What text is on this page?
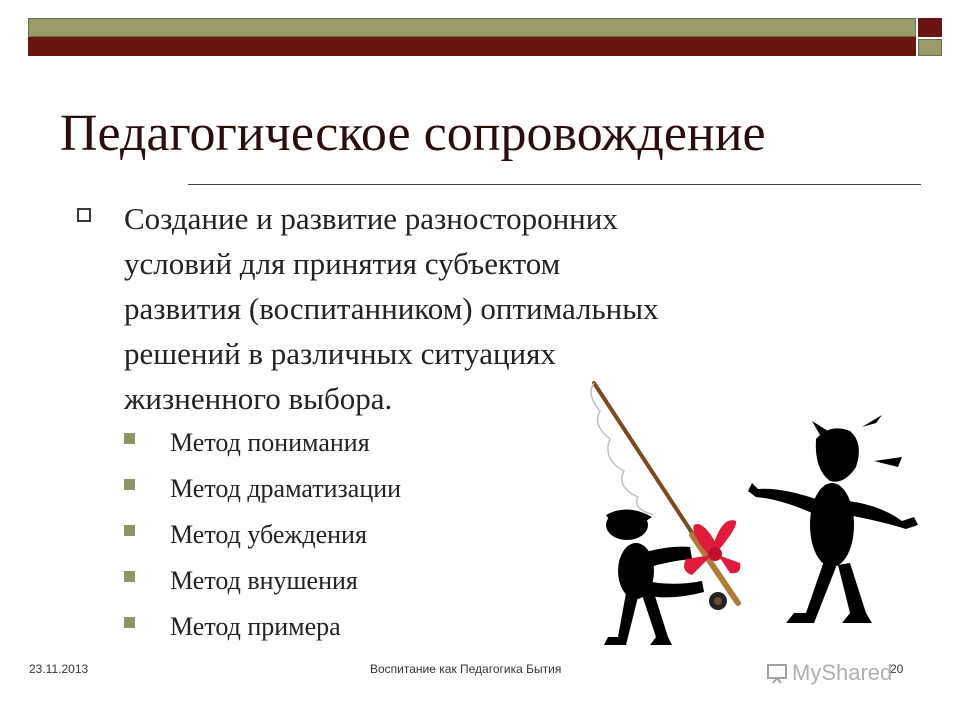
Педагогическое сопровождение
Создание и развитие разносторонних
условий для принятия субъектом
развития (воспитанником) оптимальных
решений в различных ситуациях
жизненного выбора.
Метод понимания
Метод драматизации
Метод убеждения
Метод внушения
Метод примера
23.11.2013	Воспитание как Педагогика Бытия	20
MyShared
